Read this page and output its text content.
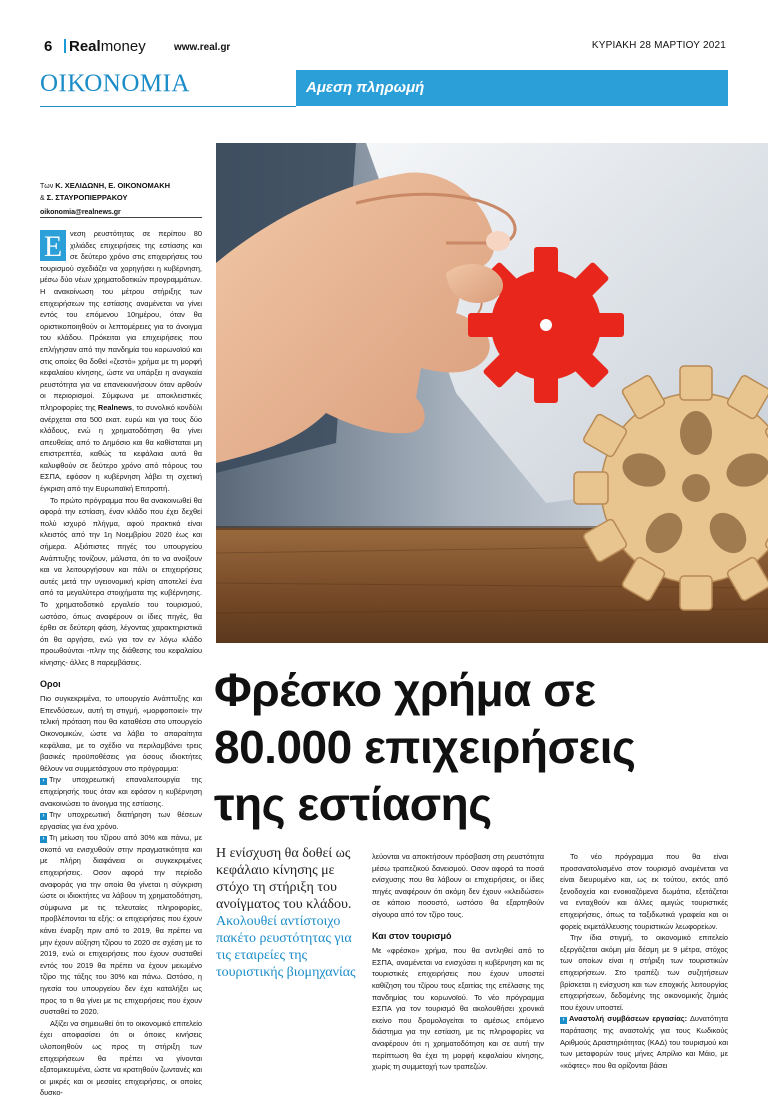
6	Realmoney	www.real.gr	ΚΥΡΙΑΚΗ 28 ΜΑΡΤΙΟΥ 2021
ΟΙΚΟΝΟΜΙΑ	Αμεση πληρωμή
Των Κ. ΧΕΛΙΔΩΝΗ, Ε. ΟΙΚΟΝΟΜΑΚΗ
& Σ. ΣΤΑΥΡΟΠΙΕΡΡΑΚΟΥ
oikonomia@realnews.gr

Ε	νεση ρευστότητας σε περίπου 80 χιλιάδες επιχειρήσεις της εστίασης και σε δεύτερο χρόνο στις επιχειρήσεις του τουρισμού σχεδιάζει να χορηγήσει η κυβέρνηση, μέσω δύο νέων χρηματοδοτικών προγραμμάτων. Η ανακοίνωση του μέτρου στήριξης των επιχειρήσεων της εστίασης αναμένεται να γίνει εντός του επόμενου 10ημέρου, όταν θα οριστικοποιηθούν οι λεπτομέρειες για το άνοιγμα του κλάδου. Πρόκειται για επιχειρήσεις που επλήγησαν από την πανδημία του κορωνοϊού και στις οποίες θα δοθεί «ζεστό» χρήμα με τη μορφή κεφαλαίου κίνησης, ώστε να υπάρξει η αναγκαία ρευστότητα για να επανεκκινήσουν όταν αρθούν οι περιορισμοί. Σύμφωνα με αποκλειστικές πληροφορίες της Realnews, το συνολικό κονδύλι ανέρχεται στα 500 εκατ. ευρώ και για τους δύο κλάδους, ενώ η χρηματοδότηση θα γίνει απευθείας από το Δημόσιο και θα καθίσταται μη επιστρεπτέα, καθώς τα κεφάλαια αυτά θα καλυφθούν σε δεύτερο χρόνο από πόρους του ΕΣΠΑ, εφόσον η κυβέρνηση λάβει τη σχετική έγκριση από την Ευρωπαϊκή Επιτροπή.

Το πρώτο πρόγραμμα που θα ανακοινωθεί θα αφορά την εστίαση, έναν κλάδο που έχει δεχθεί πολύ ισχυρό πλήγμα, αφού πρακτικά είναι κλειστός από την 1η Νοεμβρίου 2020 έως και σήμερα. Αξιόπιστες πηγές του υπουργείου Ανάπτυξης τονίζουν, μάλιστα, ότι το να ανοίξουν και να λειτουργήσουν και πάλι οι επιχειρήσεις αυτές μετά την υγειονομική κρίση αποτελεί ένα από τα μεγαλύτερα στοιχήματα της κυβέρνησης. Το χρηματοδοτικό εργαλείο του τουρισμού, ωστόσο, όπως αναφέρουν οι ίδιες πηγές, θα έρθει σε δεύτερη φάση, λέγοντας χαρακτηριστικά ότι θα αργήσει, ενώ για τον εν λόγω κλάδο προωθούνται -πλην της διάθεσης του κεφαλαίου κίνησης- άλλες 8 παρεμβάσεις.

Οροι

Πιο συγκεκριμένα, το υπουργείο Ανάπτυξης και Επενδύσεων, αυτή τη στιγμή, «μορφοποιεί» την τελική πρόταση που θα καταθέσει στο υπουργείο Οικονομικών, ώστε να λάβει το απαραίτητα κεφάλαια, με το σχέδιο να περιλαμβάνει τρεις βασικές προϋποθέσεις για όσους ιδιοκτήτες θέλουν να συμμετάσχουν στο πρόγραμμα:

› Την υποχρεωτική επαναλειτουργία της επιχείρησής τους όταν και εφόσον η κυβέρνηση ανακοινώσει το άνοιγμα της εστίασης.

› Την υποχρεωτική διατήρηση των θέσεων εργασίας για ένα χρόνο.

› Τη μείωση του τζίρου από 30% και πάνω, με σκοπό να ενισχυθούν στην πραγματικότητα και με πλήρη διαφάνεια οι συγκεκριμένες επιχειρήσεις. Οσον αφορά την περίοδο αναφοράς για την οποία θα γίνεται η σύγκριση ώστε οι ιδιοκτήτες να λάβουν τη χρηματοδότηση, σύμφωνα με τις τελευταίες πληροφορίες, προβλέπονται τα εξής: οι επιχειρήσεις που έχουν κάνει έναρξη πριν από το 2019, θα πρέπει να μην έχουν αύξηση τζίρου το 2020 σε σχέση με το 2019, ενώ οι επιχειρήσεις που έχουν συσταθεί εντός του 2019 θα πρέπει να έχουν μειωμένο τζίρο της τάξης του 30% και πάνω. Ωστόσο, η ηγεσία του υπουργείου δεν έχει καταλήξει ως προς το τι θα γίνει με τις επιχειρήσεις που έχουν συσταθεί το 2020.

Αξίζει να σημειωθεί ότι το οικονομικό επιτελείο έχει αποφασίσει ότι οι όποιες κινήσεις υλοποιηθούν ως προς τη στήριξη των επιχειρήσεων θα πρέπει να γίνονται εξατομικευμένα, ώστε να κρατηθούν ζωντανές και οι μικρές και οι μεσαίες επιχειρήσεις, οι οποίες δυσκο-

Φρέσκο χρήμα σε
80.000 επιχειρήσεις
της εστίασης
Η ενίσχυση θα δοθεί ως κεφάλαιο κίνησης με στόχο τη στήριξη του ανοίγματος του κλάδου. Ακολουθεί αντίστοιχο πακέτο ρευστότητας για τις εταιρείες της τουριστικής βιομηχανίας

λεύονται να αποκτήσουν πρόσβαση στη ρευστότητα μέσω τραπεζικού δανεισμού. Οσον αφορά τα ποσά ενίσχυσης που θα λάβουν οι επιχειρήσεις, οι ίδιες πηγές αναφέρουν ότι ακόμη δεν έχουν «κλειδώσει» σε κάποιο ποσοστό, ωστόσο θα εξαρτηθούν σίγουρα από τον τζίρο τους.

Και στον τουρισμό

Με «φρέσκο» χρήμα, που θα αντληθεί από το ΕΣΠΑ, αναμένεται να ενισχύσει η κυβέρνηση και τις τουριστικές επιχειρήσεις που έχουν υποστεί καθίζηση του τζίρου τους εξαιτίας της επέλασης της πανδημίας του κορωνοϊού. Το νέο πρόγραμμα ΕΣΠΑ για τον τουρισμό θα ακολουθήσει χρονικά εκείνο που δρομολογείται το αμέσως επόμενο διάστημα για την εστίαση, με τις πληροφορίες να αναφέρουν ότι η χρηματοδότηση και σε αυτή την περίπτωση θα έχει τη μορφή κεφαλαίου κίνησης, χωρίς τη συμμετοχή των τραπεζών.

Το νέο πρόγραμμα που θα είναι προσανατολισμένο στον τουρισμό αναμένεται να είναι διευρυμένο και, ως εκ τούτου, εκτός από ξενοδοχεία και ενοικιαζόμενα δωμάτια, εξετάζεται να ενταχθούν και άλλες αμιγώς τουριστικές επιχειρήσεις, όπως τα ταξιδιωτικά γραφεία και οι φορείς εκμετάλλευσης τουριστικών λεωφορείων.

Την ίδια στιγμή, το οικονομικό επιτελείο εξεργάζεται ακόμη μία δέσμη με 9 μέτρα, στόχος των οποίων είναι η στήριξη των τουριστικών επιχειρήσεων. Στο τραπέζι των συζητήσεων βρίσκεται η ενίσχυση και των εποχικής λειτουργίας επιχειρήσεων, δεδομένης της οικονομικής ζημιάς που έχουν υποστεί.

› Αναστολή συμβάσεων εργασίας: Δυνατότητα παράτασης της αναστολής για τους Κωδικούς Αριθμούς Δραστηριότητας (ΚΑΔ) του τουρισμού και των μεταφορών τους μήνες Απρίλιο και Μάιο, με «κόφτες» που θα ορίζονται βάσει
